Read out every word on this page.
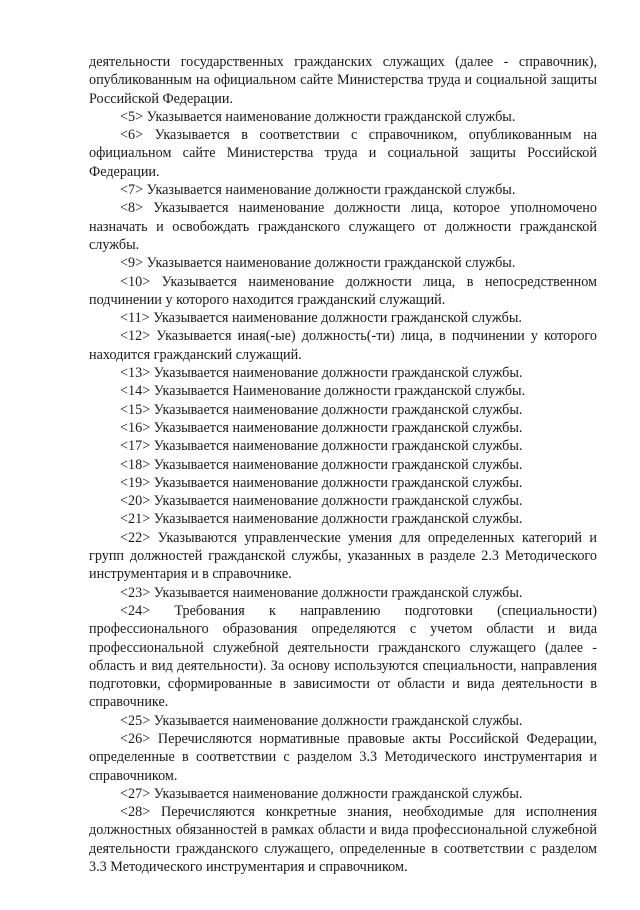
деятельности государственных гражданских служащих (далее - справочник), опубликованным на официальном сайте Министерства труда и социальной защиты Российской Федерации.

<5> Указывается наименование должности гражданской службы.

<6> Указывается в соответствии с справочником, опубликованным на официальном сайте Министерства труда и социальной защиты Российской Федерации.

<7> Указывается наименование должности гражданской службы.

<8> Указывается наименование должности лица, которое уполномочено назначать и освобождать гражданского служащего от должности гражданской службы.

<9> Указывается наименование должности гражданской службы.

<10> Указывается наименование должности лица, в непосредственном подчинении у которого находится гражданский служащий.

<11> Указывается наименование должности гражданской службы.

<12> Указывается иная(-ые) должность(-ти) лица, в подчинении у которого находится гражданский служащий.

<13> Указывается наименование должности гражданской службы.

<14> Указывается Наименование должности гражданской службы.

<15> Указывается наименование должности гражданской службы.

<16> Указывается наименование должности гражданской службы.

<17> Указывается наименование должности гражданской службы.

<18> Указывается наименование должности гражданской службы.

<19> Указывается наименование должности гражданской службы.

<20> Указывается наименование должности гражданской службы.

<21> Указывается наименование должности гражданской службы.

<22> Указываются управленческие умения для определенных категорий и групп должностей гражданской службы, указанных в разделе 2.3 Методического инструментария и в справочнике.

<23> Указывается наименование должности гражданской службы.

<24> Требования к направлению подготовки (специальности) профессионального образования определяются с учетом области и вида профессиональной служебной деятельности гражданского служащего (далее - область и вид деятельности). За основу используются специальности, направления подготовки, сформированные в зависимости от области и вида деятельности в справочнике.

<25> Указывается наименование должности гражданской службы.

<26> Перечисляются нормативные правовые акты Российской Федерации, определенные в соответствии с разделом 3.3 Методического инструментария и справочником.

<27> Указывается наименование должности гражданской службы.

<28> Перечисляются конкретные знания, необходимые для исполнения должностных обязанностей в рамках области и вида профессиональной служебной деятельности гражданского служащего, определенные в соответствии с разделом 3.3 Методического инструментария и справочником.
